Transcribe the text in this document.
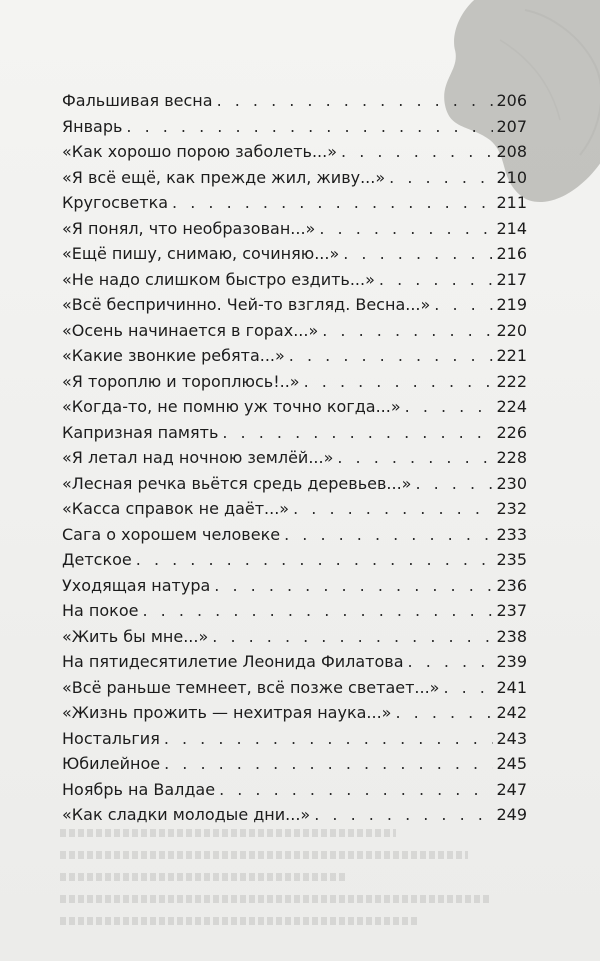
Фальшивая весна . . .	206
Январь . . .	207
«Как хорошо порою заболеть...» . . .	208
«Я всё ещё, как прежде жил, живу...» . . .	210
Кругосветка . . .	211
«Я понял, что необразован...» . . .	214
«Ещё пишу, снимаю, сочиняю...» . . .	216
«Не надо слишком быстро ездить...» . . .	217
«Всё беспричинно. Чей-то взгляд. Весна...» . . .	219
«Осень начинается в горах...» . . .	220
«Какие звонкие ребята...» . . .	221
«Я тороплю и тороплюсь!..» . . .	222
«Когда-то, не помню уж точно когда...» . . .	224
Капризная память . . .	226
«Я летал над ночною землёй...» . . .	228
«Лесная речка вьётся средь деревьев...» . . .	230
«Касса справок не даёт...» . . .	232
Сага о хорошем человеке . . .	233
Детское . . .	235
Уходящая натура . . .	236
На покое . . .	237
«Жить бы мне...» . . .	238
На пятидесятилетие Леонида Филатова . . .	239
«Всё раньше темнеет, всё позже светает...» . . .	241
«Жизнь прожить — нехитрая наука...» . . .	242
Ностальгия . . .	243
Юбилейное . . .	245
Ноябрь на Валдае . . .	247
«Как сладки молодые дни...» . . .	249
